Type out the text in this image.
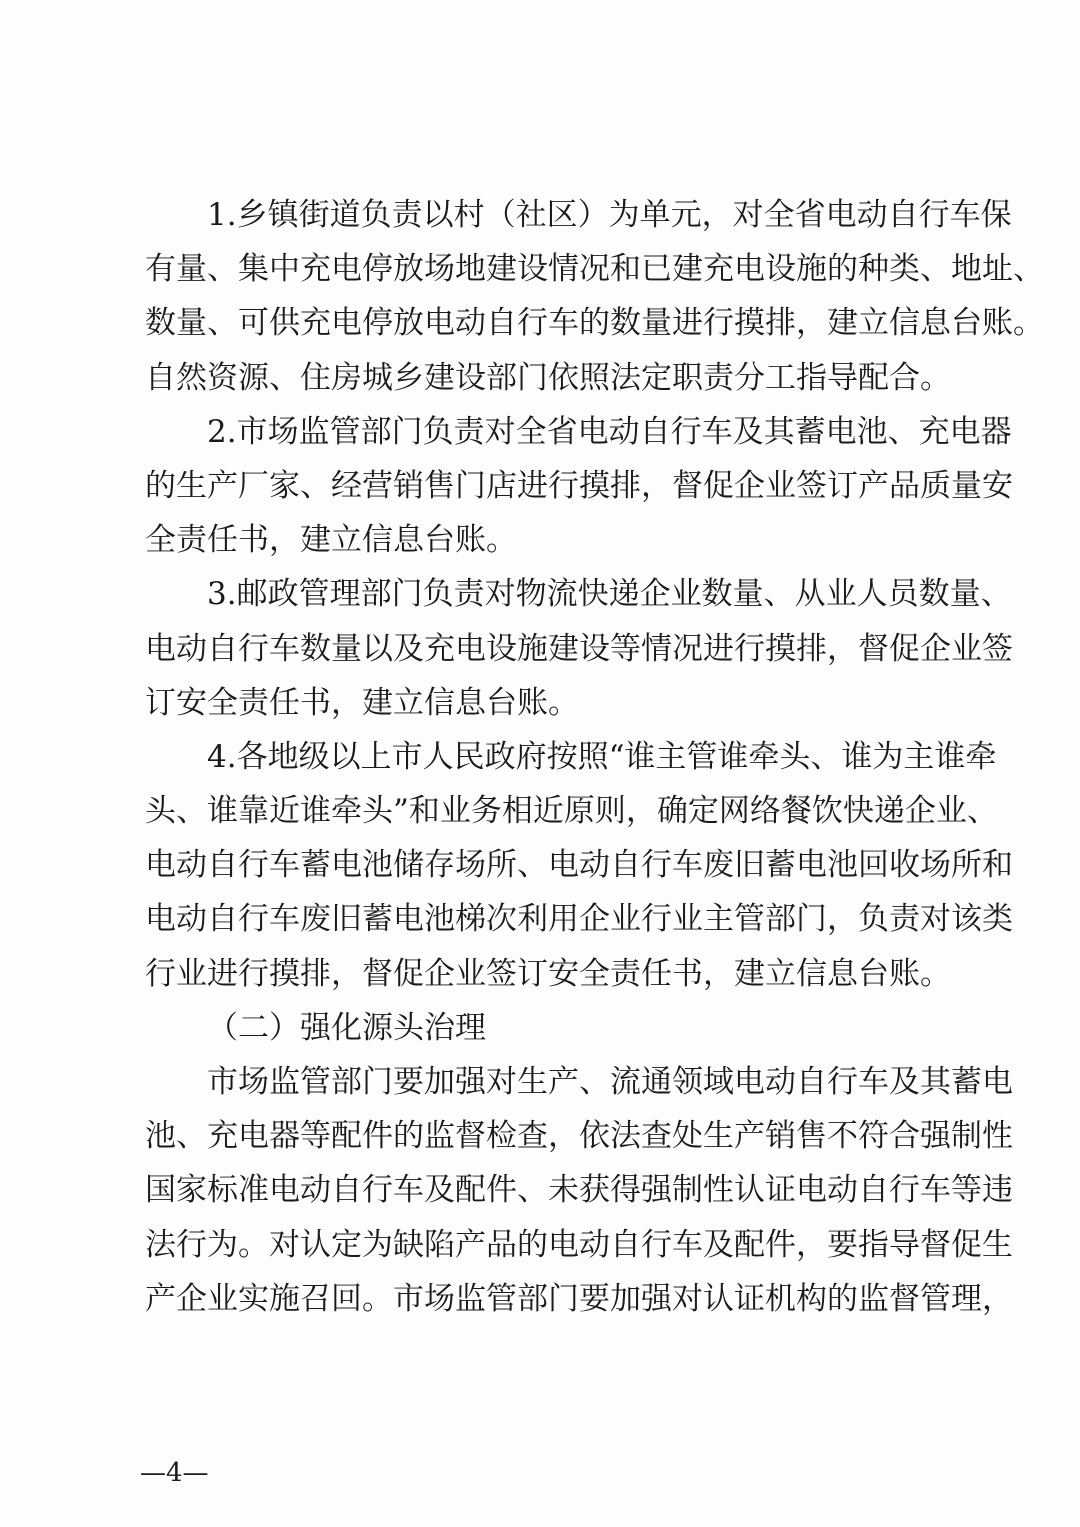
1.乡镇街道负责以村（社区）为单元，对全省电动自行车保
有量、集中充电停放场地建设情况和已建充电设施的种类、地址、
数量、可供充电停放电动自行车的数量进行摸排，建立信息台账。
自然资源、住房城乡建设部门依照法定职责分工指导配合。
2.市场监管部门负责对全省电动自行车及其蓄电池、充电器
的生产厂家、经营销售门店进行摸排，督促企业签订产品质量安
全责任书，建立信息台账。
3.邮政管理部门负责对物流快递企业数量、从业人员数量、
电动自行车数量以及充电设施建设等情况进行摸排，督促企业签
订安全责任书，建立信息台账。
4.各地级以上市人民政府按照“谁主管谁牵头、谁为主谁牵
头、谁靠近谁牵头”和业务相近原则，确定网络餐饮快递企业、
电动自行车蓄电池储存场所、电动自行车废旧蓄电池回收场所和
电动自行车废旧蓄电池梯次利用企业行业主管部门，负责对该类
行业进行摸排，督促企业签订安全责任书，建立信息台账。
（二）强化源头治理
市场监管部门要加强对生产、流通领域电动自行车及其蓄电
池、充电器等配件的监督检查，依法查处生产销售不符合强制性
国家标准电动自行车及配件、未获得强制性认证电动自行车等违
法行为。对认定为缺陷产品的电动自行车及配件，要指导督促生
产企业实施召回。市场监管部门要加强对认证机构的监督管理，
—4—
